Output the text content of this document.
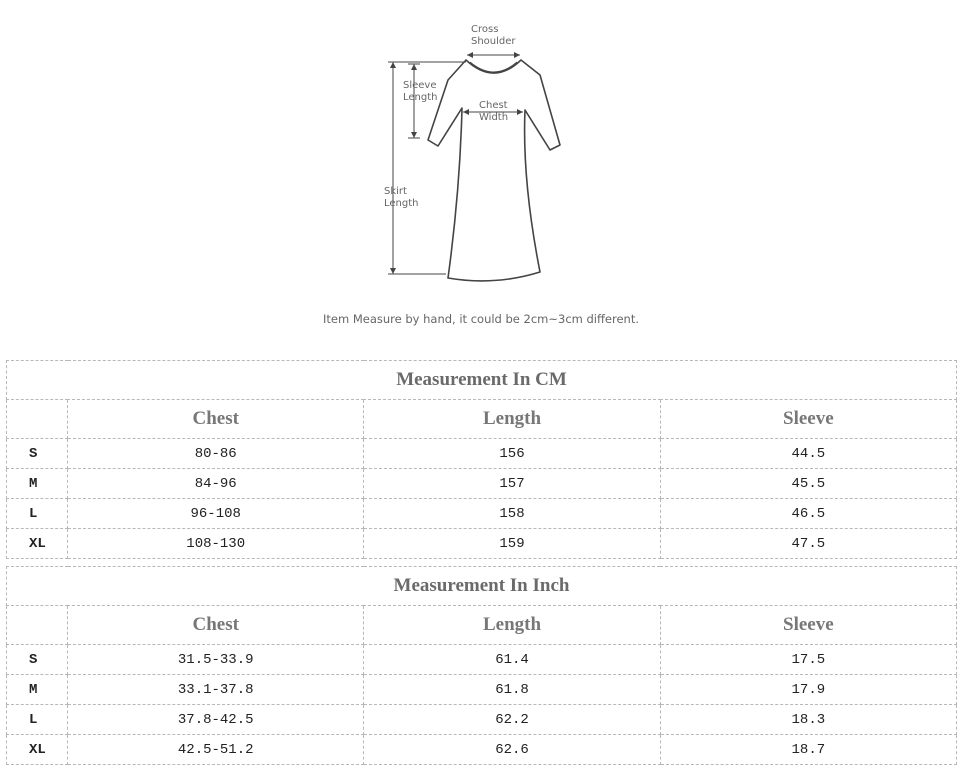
Cross
Shoulder
Sleeve
Length
Chest
Width
Skirt
Length
Item Measure by hand, it could be 2cm~3cm different.
Measurement In CM			
	Chest	Length	Sleeve
S	80-86	156	44.5
M	84-96	157	45.5
L	96-108	158	46.5
XL	108-130	159	47.5
Measurement In Inch			
	Chest	Length	Sleeve
S	31.5-33.9	61.4	17.5
M	33.1-37.8	61.8	17.9
L	37.8-42.5	62.2	18.3
XL	42.5-51.2	62.6	18.7
